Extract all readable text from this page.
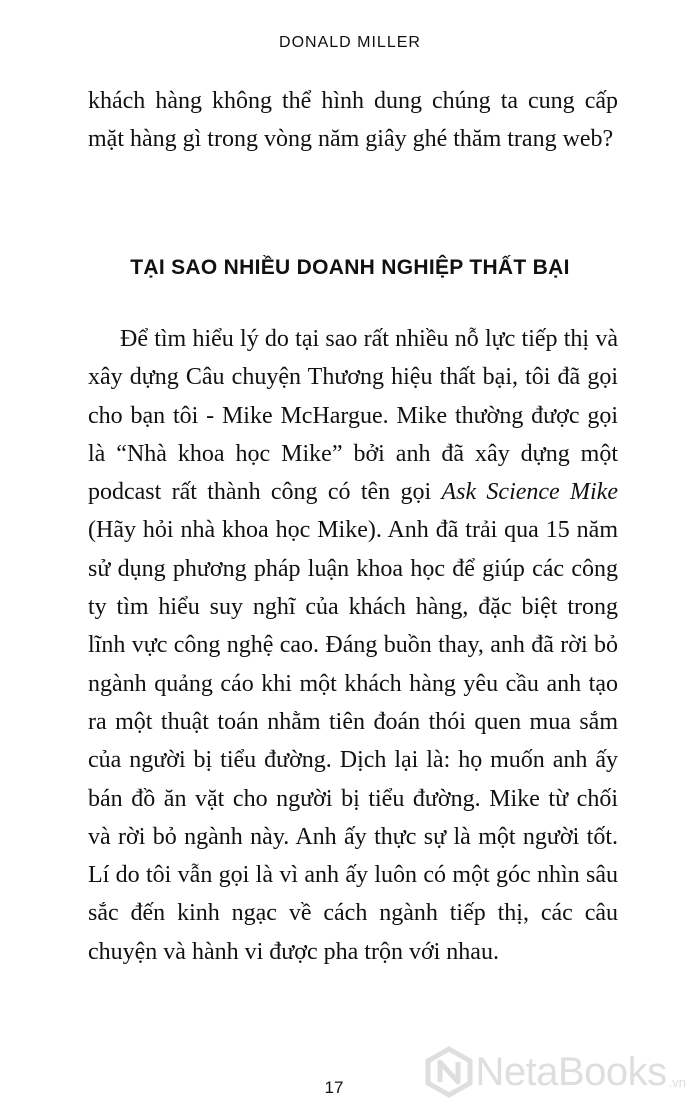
DONALD MILLER

khách hàng không thể hình dung chúng ta cung cấp mặt hàng gì trong vòng năm giây ghé thăm trang web?

TẠI SAO NHIỀU DOANH NGHIỆP THẤT BẠI

Để tìm hiểu lý do tại sao rất nhiều nỗ lực tiếp thị và xây dựng Câu chuyện Thương hiệu thất bại, tôi đã gọi cho bạn tôi - Mike McHargue. Mike thường được gọi là “Nhà khoa học Mike” bởi anh đã xây dựng một podcast rất thành công có tên gọi Ask Science Mike (Hãy hỏi nhà khoa học Mike). Anh đã trải qua 15 năm sử dụng phương pháp luận khoa học để giúp các công ty tìm hiểu suy nghĩ của khách hàng, đặc biệt trong lĩnh vực công nghệ cao. Đáng buồn thay, anh đã rời bỏ ngành quảng cáo khi một khách hàng yêu cầu anh tạo ra một thuật toán nhằm tiên đoán thói quen mua sắm của người bị tiểu đường. Dịch lại là: họ muốn anh ấy bán đồ ăn vặt cho người bị tiểu đường. Mike từ chối và rời bỏ ngành này. Anh ấy thực sự là một người tốt. Lí do tôi vẫn gọi là vì anh ấy luôn có một góc nhìn sâu sắc đến kinh ngạc về cách ngành tiếp thị, các câu chuyện và hành vi được pha trộn với nhau.

17	NetaBooks .vn
